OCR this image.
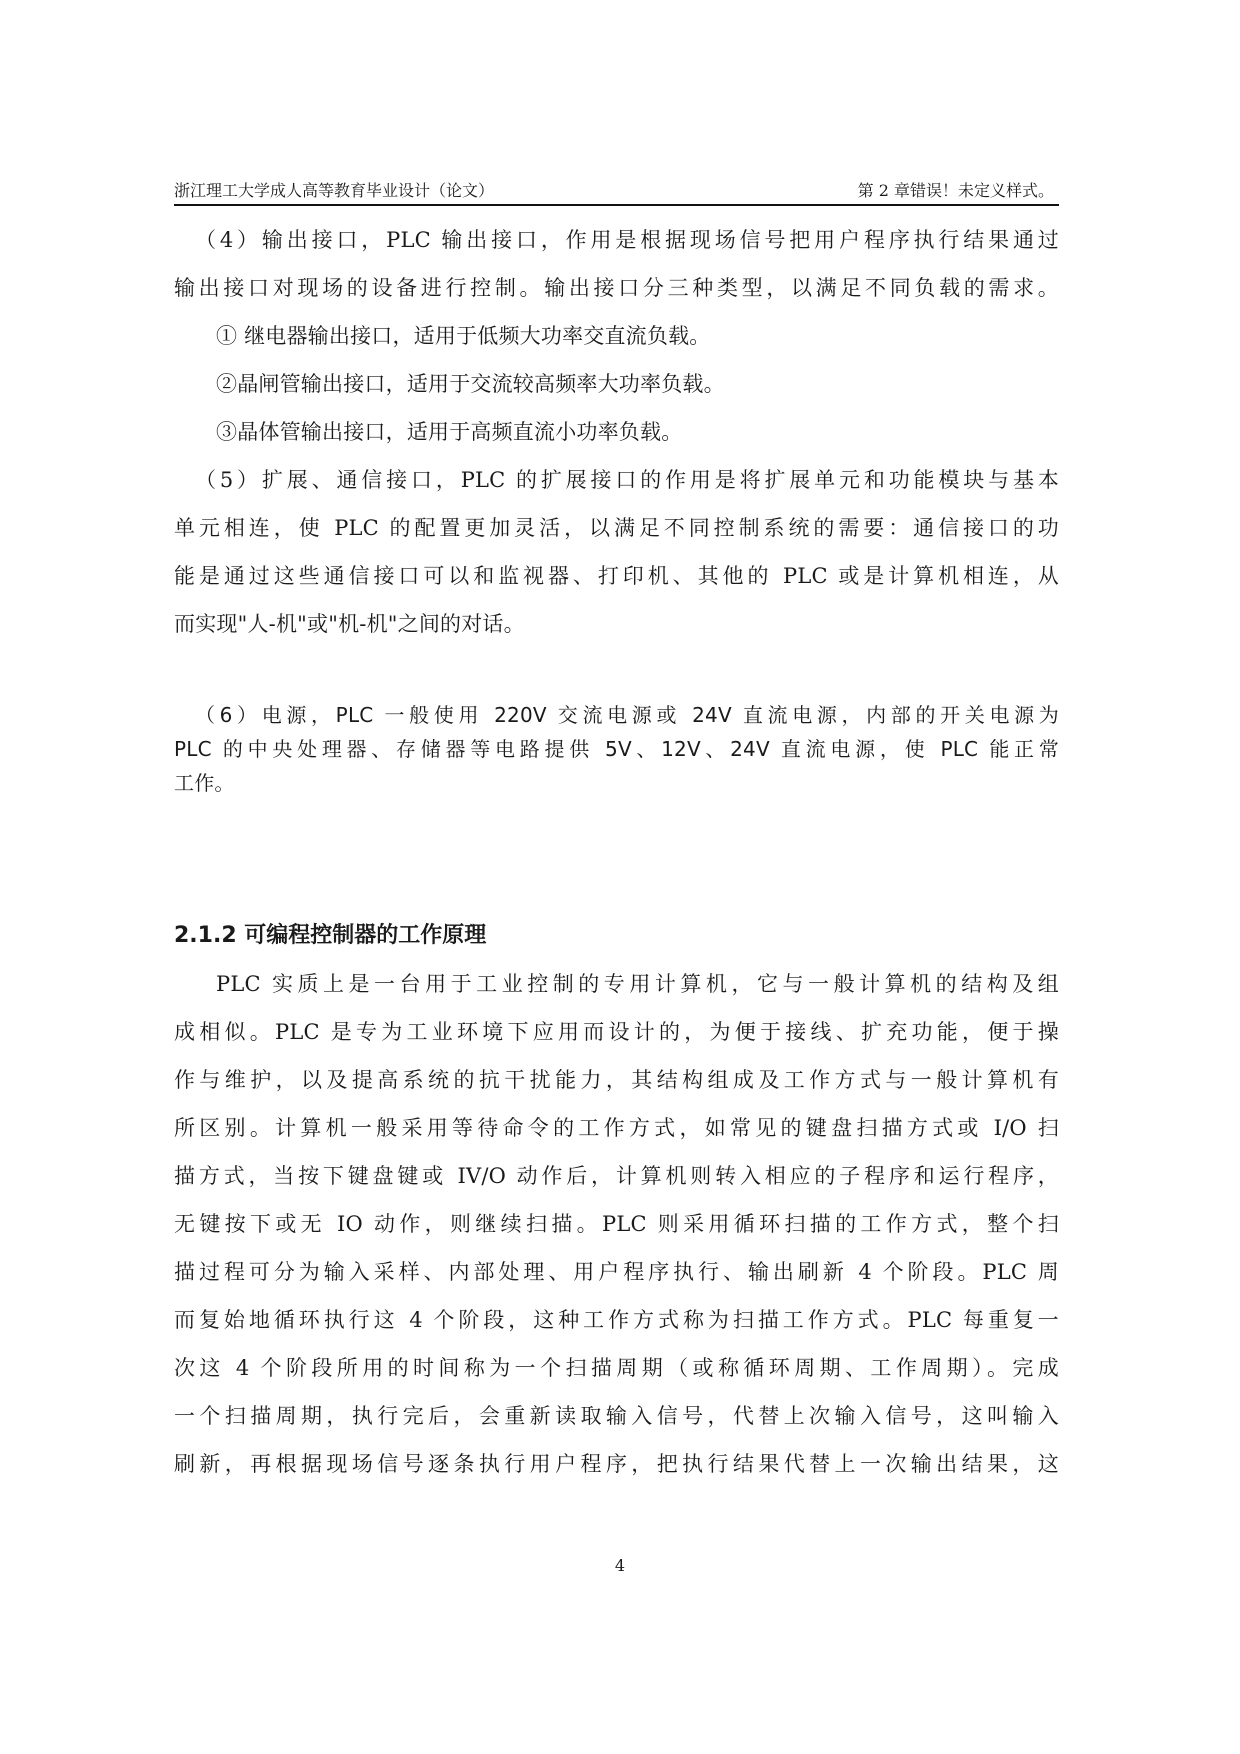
浙江理工大学成人高等教育毕业设计（论文）	第 2 章错误！未定义样式。
（4）输出接口，PLC 输出接口，作用是根据现场信号把用户程序执行结果通过
输出接口对现场的设备进行控制。输出接口分三种类型，以满足不同负载的需求。
① 继电器输出接口，适用于低频大功率交直流负载。
②晶闸管输出接口，适用于交流较高频率大功率负载。
③晶体管输出接口，适用于高频直流小功率负载。
（5）扩展、通信接口，PLC 的扩展接口的作用是将扩展单元和功能模块与基本
单元相连，使 PLC 的配置更加灵活，以满足不同控制系统的需要：通信接口的功
能是通过这些通信接口可以和监视器、打印机、其他的 PLC 或是计算机相连，从
而实现"人-机"或"机-机"之间的对话。
（6）电源，PLC 一般使用 220V 交流电源或 24V 直流电源，内部的开关电源为
PLC 的中央处理器、存储器等电路提供 5V、12V、24V 直流电源，使 PLC 能正常
工作。
2.1.2 可编程控制器的工作原理
PLC 实质上是一台用于工业控制的专用计算机，它与一般计算机的结构及组
成相似。PLC 是专为工业环境下应用而设计的，为便于接线、扩充功能，便于操
作与维护，以及提高系统的抗干扰能力，其结构组成及工作方式与一般计算机有
所区别。计算机一般采用等待命令的工作方式，如常见的键盘扫描方式或 I/O 扫
描方式，当按下键盘键或 IV/O 动作后，计算机则转入相应的子程序和运行程序，
无键按下或无 IO 动作，则继续扫描。PLC 则采用循环扫描的工作方式，整个扫
描过程可分为输入采样、内部处理、用户程序执行、输出刷新 4 个阶段。PLC 周
而复始地循环执行这 4 个阶段，这种工作方式称为扫描工作方式。PLC 每重复一
次这 4 个阶段所用的时间称为一个扫描周期（或称循环周期、工作周期）。完成
一个扫描周期，执行完后，会重新读取输入信号，代替上次输入信号，这叫输入
刷新，再根据现场信号逐条执行用户程序，把执行结果代替上一次输出结果，这
4
